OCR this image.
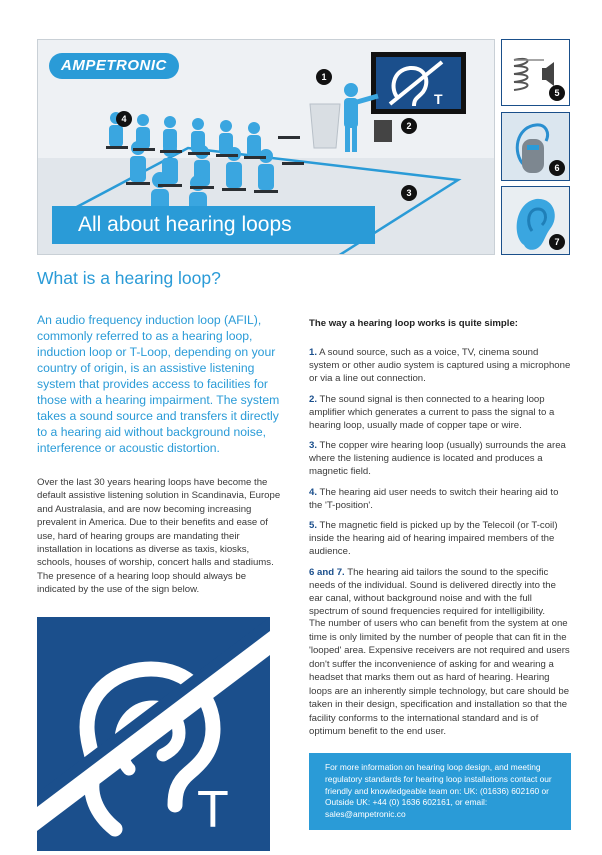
T
AMPETRONIC
1
2
3
4
All about hearing loops
5
6
7
What is a hearing loop?

An audio frequency induction loop (AFIL), commonly referred to as a hearing loop, induction loop or T-Loop, depending on your country of origin, is an assistive listening system that provides access to facilities for those with a hearing impairment. The system takes a sound source and transfers it directly to a hearing aid without background noise, interference or acoustic distortion.

Over the last 30 years hearing loops have become the default assistive listening solution in Scandinavia, Europe and Australasia, and are now becoming increasing prevalent in America. Due to their benefits and ease of use, hard of hearing groups are mandating their installation in locations as diverse as taxis, kiosks, schools, houses of worship, concert halls and stadiums. The presence of a hearing loop should always be indicated by the use of the sign below.

T

The way a hearing loop works is quite simple:

1. A sound source, such as a voice, TV, cinema sound system or other audio system is captured using a microphone or via a line out connection.
2. The sound signal is then connected to a hearing loop amplifier which generates a current to pass the signal to a hearing loop, usually made of copper tape or wire.
3. The copper wire hearing loop (usually) surrounds the area where the listening audience is located and produces a magnetic field.
4. The hearing aid user needs to switch their hearing aid to the 'T-position'.
5. The magnetic field is picked up by the Telecoil (or T-coil) inside the hearing aid of hearing impaired members of the audience.
6 and 7. The hearing aid tailors the sound to the specific needs of the individual. Sound is delivered directly into the ear canal, without background noise and with the full spectrum of sound frequencies required for intelligibility.

The number of users who can benefit from the system at one time is only limited by the number of people that can fit in the 'looped' area. Expensive receivers are not required and users don't suffer the inconvenience of asking for and wearing a headset that marks them out as hard of hearing. Hearing loops are an inherently simple technology, but care should be taken in their design, specification and installation so that the facility conforms to the international standard and is of optimum benefit to the end user.

For more information on hearing loop design, and meeting regulatory standards for hearing loop installations contact our friendly and knowledgeable team on: UK: (01636) 602160 or Outside UK: +44 (0) 1636 602161, or email: sales@ampetronic.co
